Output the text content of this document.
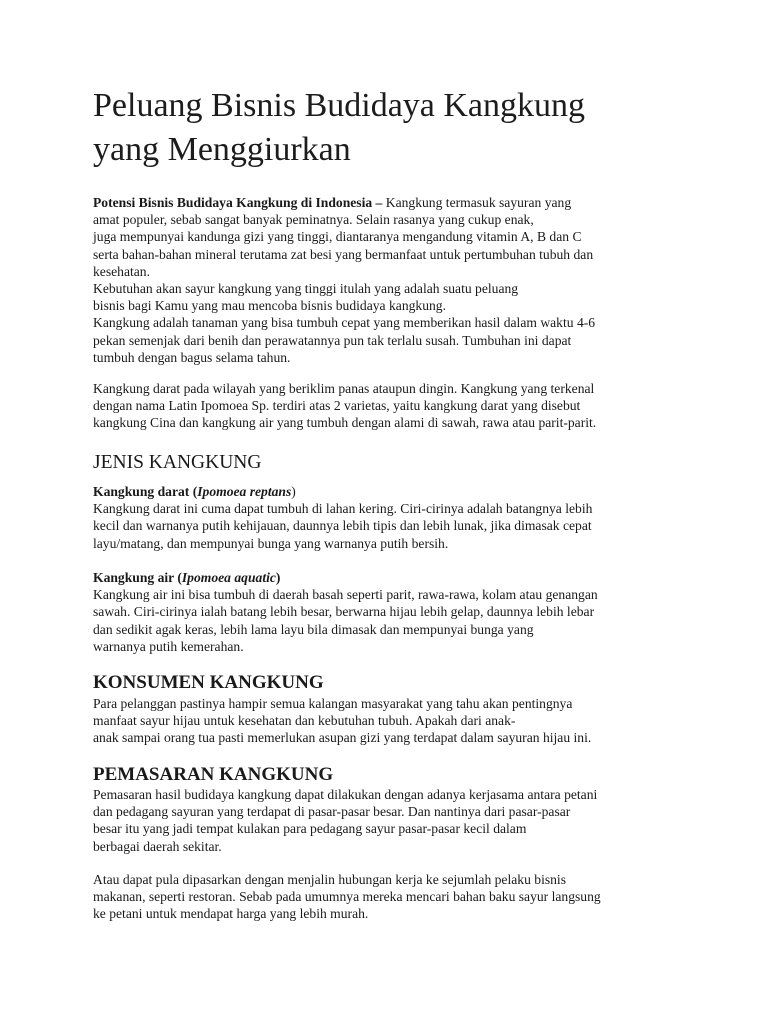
Peluang Bisnis Budidaya Kangkung
yang Menggiurkan

Potensi Bisnis Budidaya Kangkung di Indonesia – Kangkung termasuk sayuran yang
amat populer, sebab sangat banyak peminatnya. Selain rasanya yang cukup enak,
juga mempunyai kandunga gizi yang tinggi, diantaranya mengandung vitamin A, B dan C
serta bahan-bahan mineral terutama zat besi yang bermanfaat untuk pertumbuhan tubuh dan
kesehatan.
Kebutuhan akan sayur kangkung yang tinggi itulah yang adalah suatu peluang
bisnis bagi Kamu yang mau mencoba bisnis budidaya kangkung.
Kangkung adalah tanaman yang bisa tumbuh cepat yang memberikan hasil dalam waktu 4-6
pekan semenjak dari benih dan perawatannya pun tak terlalu susah. Tumbuhan ini dapat
tumbuh dengan bagus selama tahun.

Kangkung darat pada wilayah yang beriklim panas ataupun dingin. Kangkung yang terkenal
dengan nama Latin Ipomoea Sp. terdiri atas 2 varietas, yaitu kangkung darat yang disebut
kangkung Cina dan kangkung air yang tumbuh dengan alami di sawah, rawa atau parit-parit.

JENIS KANGKUNG

Kangkung darat (Ipomoea reptans)
Kangkung darat ini cuma dapat tumbuh di lahan kering. Ciri-cirinya adalah batangnya lebih
kecil dan warnanya putih kehijauan, daunnya lebih tipis dan lebih lunak, jika dimasak cepat
layu/matang, dan mempunyai bunga yang warnanya putih bersih.

Kangkung air (Ipomoea aquatic)
Kangkung air ini bisa tumbuh di daerah basah seperti parit, rawa-rawa, kolam atau genangan
sawah. Ciri-cirinya ialah batang lebih besar, berwarna hijau lebih gelap, daunnya lebih lebar
dan sedikit agak keras, lebih lama layu bila dimasak dan mempunyai bunga yang
warnanya putih kemerahan.

KONSUMEN KANGKUNG

Para pelanggan pastinya hampir semua kalangan masyarakat yang tahu akan pentingnya
manfaat sayur hijau untuk kesehatan dan kebutuhan tubuh. Apakah dari anak-
anak sampai orang tua pasti memerlukan asupan gizi yang terdapat dalam sayuran hijau ini.

PEMASARAN KANGKUNG

Pemasaran hasil budidaya kangkung dapat dilakukan dengan adanya kerjasama antara petani
dan pedagang sayuran yang terdapat di pasar-pasar besar. Dan nantinya dari pasar-pasar
besar itu yang jadi tempat kulakan para pedagang sayur pasar-pasar kecil dalam
berbagai daerah sekitar.

Atau dapat pula dipasarkan dengan menjalin hubungan kerja ke sejumlah pelaku bisnis
makanan, seperti restoran. Sebab pada umumnya mereka mencari bahan baku sayur langsung
ke petani untuk mendapat harga yang lebih murah.
